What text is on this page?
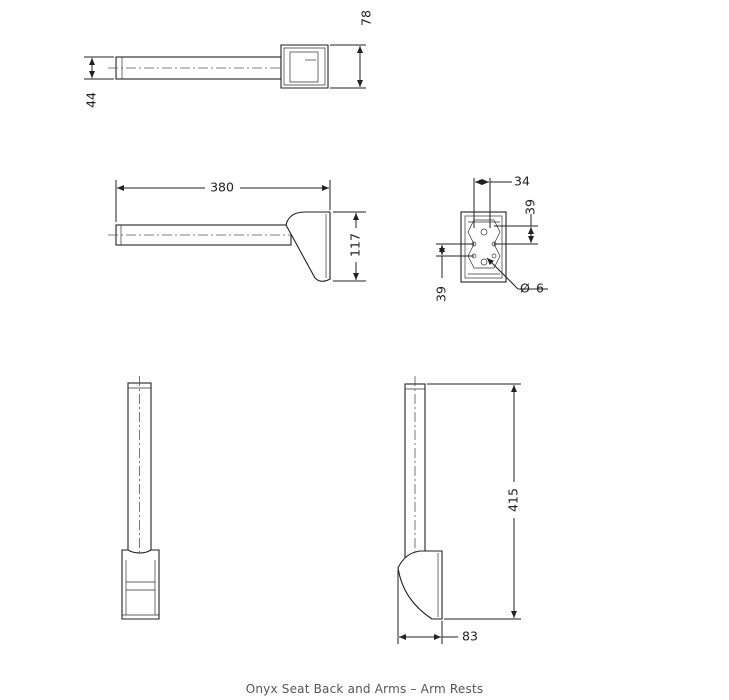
78
44
380
117
34
39
39	Ø 6
415
83
Onyx Seat Back and Arms – Arm Rests
